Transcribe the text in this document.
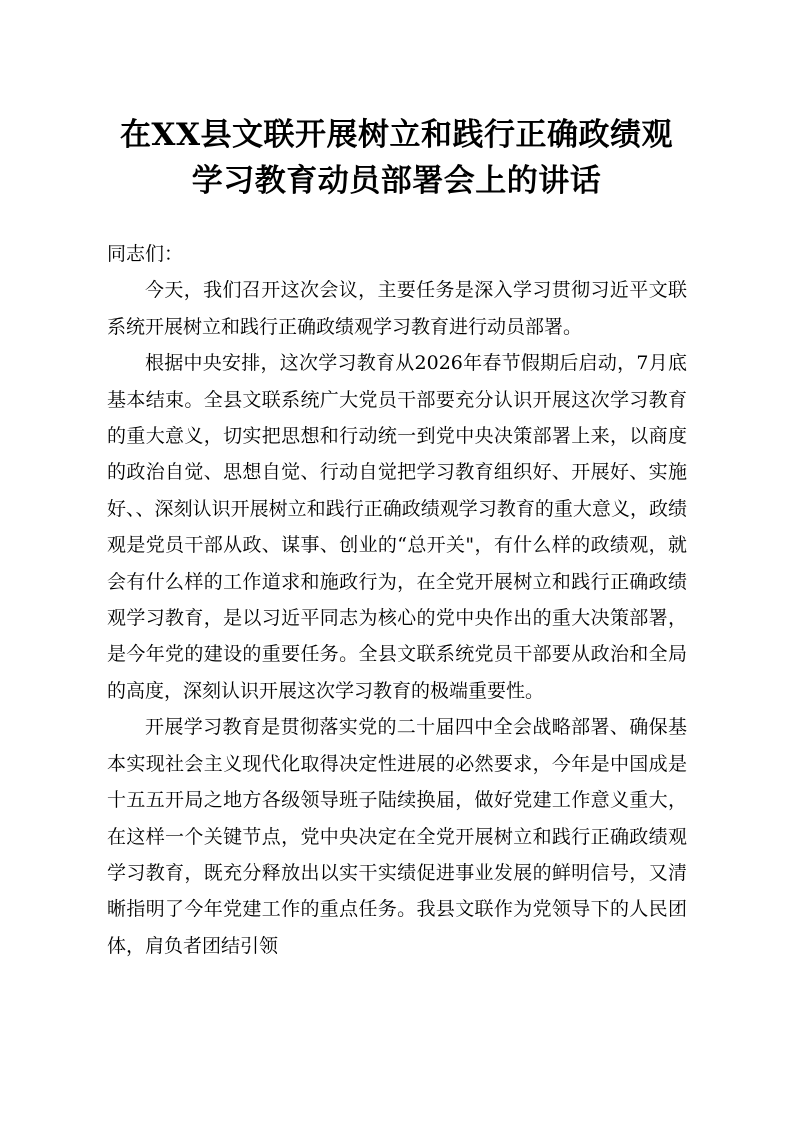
在XX县文联开展树立和践行正确政绩观
学习教育动员部署会上的讲话

同志们：

今天，我们召开这次会议，主要任务是深入学习贯彻习近平文联系统开展树立和践行正确政绩观学习教育进行动员部署。

根据中央安排，这次学习教育从2026年春节假期后启动，7月底基本结束。全县文联系统广大党员干部要充分认识开展这次学习教育的重大意义，切实把思想和行动统一到党中央决策部署上来，以商度的政治自觉、思想自觉、行动自觉把学习教育组织好、开展好、实施好、、深刻认识开展树立和践行正确政绩观学习教育的重大意义，政绩观是党员干部从政、谋事、创业的“总开关"，有什么样的政绩观，就会有什么样的工作道求和施政行为，在全党开展树立和践行正确政绩观学习教育，是以习近平同志为核心的党中央作出的重大决策部署，是今年党的建设的重要任务。全县文联系统党员干部要从政治和全局的高度，深刻认识开展这次学习教育的极端重要性。

开展学习教育是贯彻落实党的二十届四中全会战略部署、确保基本实现社会主义现代化取得决定性进展的必然要求，今年是中国成是十五五开局之地方各级领导班子陆续换届，做好党建工作意义重大，在这样一个关键节点，党中央决定在全党开展树立和践行正确政绩观学习教育，既充分释放出以实干实绩促进事业发展的鲜明信号，又清晰指明了今年党建工作的重点任务。我县文联作为党领导下的人民团体，肩负者团结引领
